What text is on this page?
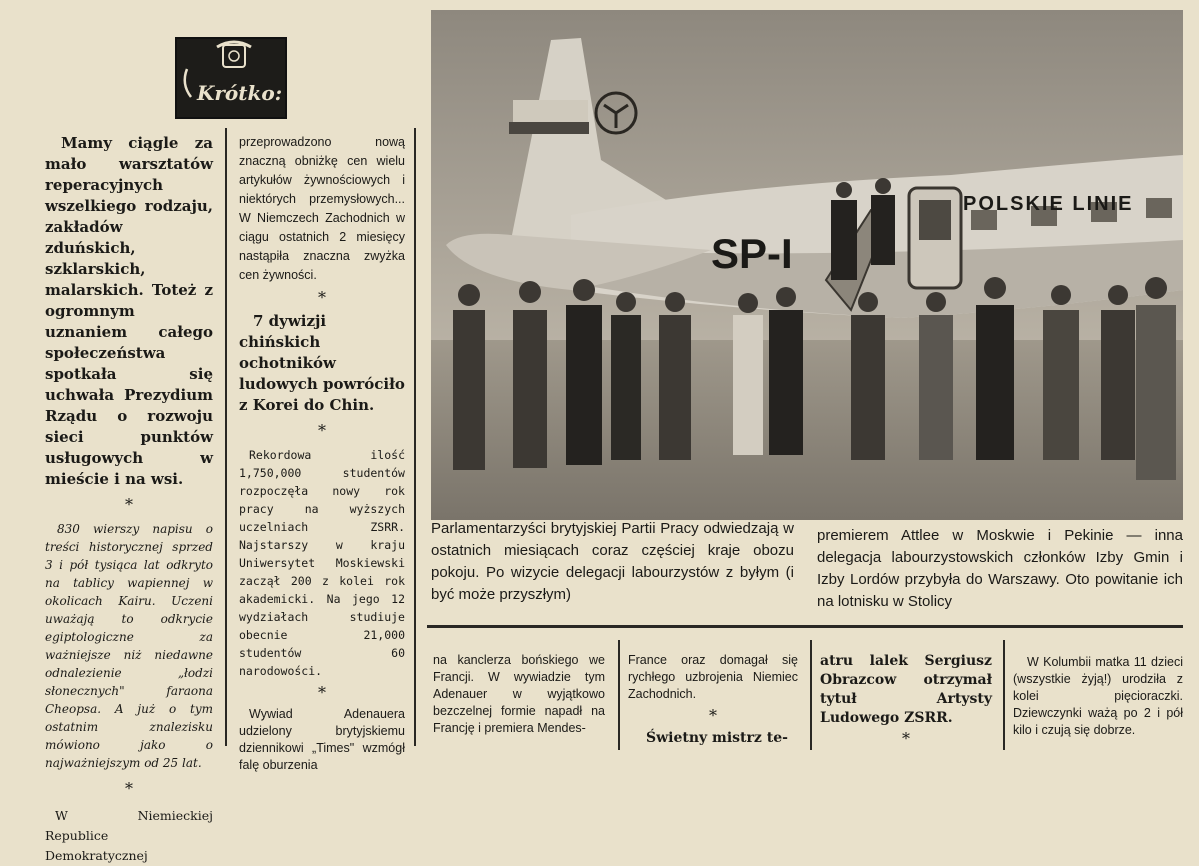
Krótko:

Mamy ciągle za mało warsztatów reperacyjnych wszelkiego rodzaju, zakładów zduńskich, szklarskich, malarskich. Toteż z ogromnym uznaniem całego społeczeństwa spotkała się uchwała Prezydium Rządu o rozwoju sieci punktów usługowych w mieście i na wsi.

*

830 wierszy napisu o treści historycznej sprzed 3 i pół tysiąca lat odkryto na tablicy wapiennej w okolicach Kairu. Uczeni uważają to odkrycie egiptologiczne za ważniejsze niż niedawne odnalezienie „łodzi słonecznych" faraona Cheopsa. A już o tym ostatnim znalezisku mówiono jako o najważniejszym od 25 lat.

*

W Niemieckiej Republice Demokratycznej

przeprowadzono nową znaczną obniżkę cen wielu artykułów żywnościowych i niektórych przemysłowych... W Niemczech Zachodnich w ciągu ostatnich 2 miesięcy nastąpiła znaczna zwyżka cen żywności.

*

7 dywizji chińskich ochotników ludowych powróciło z Korei do Chin.

*

Rekordowa ilość 1,750,000 studentów rozpoczęła nowy rok pracy na wyższych uczelniach ZSRR. Najstarszy w kraju Uniwersytet Moskiewski zaczął 200 z kolei rok akademicki. Na jego 12 wydziałach studiuje obecnie 21,000 studentów 60 narodowości.

*

Wywiad Adenauera udzielony brytyjskiemu dziennikowi „Times" wzmógł falę oburzenia

SP-I
POLSKIE LINIE
Parlamentarzyści brytyjskiej Partii Pracy odwiedzają w ostatnich miesiącach coraz częściej kraje obozu pokoju. Po wizycie delegacji labourzystów z byłym (i być może przyszłym)
premierem Attlee w Moskwie i Pekinie — inna delegacja labourzystowskich członków Izby Gmin i Izby Lordów przybyła do Warszawy. Oto powitanie ich na lotnisku w Stolicy
na kanclerza bońskiego we Francji. W wywiadzie tym Adenauer w wyjątkowo bezczelnej formie napadł na Francję i premiera Mendes-

France oraz domagał się rychłego uzbrojenia Niemiec Zachodnich.

*

Świetny mistrz te-

atru lalek Sergiusz Obrazcow otrzymał tytuł Artysty Ludowego ZSRR.

*
W Kolumbii matka 11 dzieci (wszystkie żyją!) urodziła z kolei pięcioraczki. Dziewczynki ważą po 2 i pół kilo i czują się dobrze.
